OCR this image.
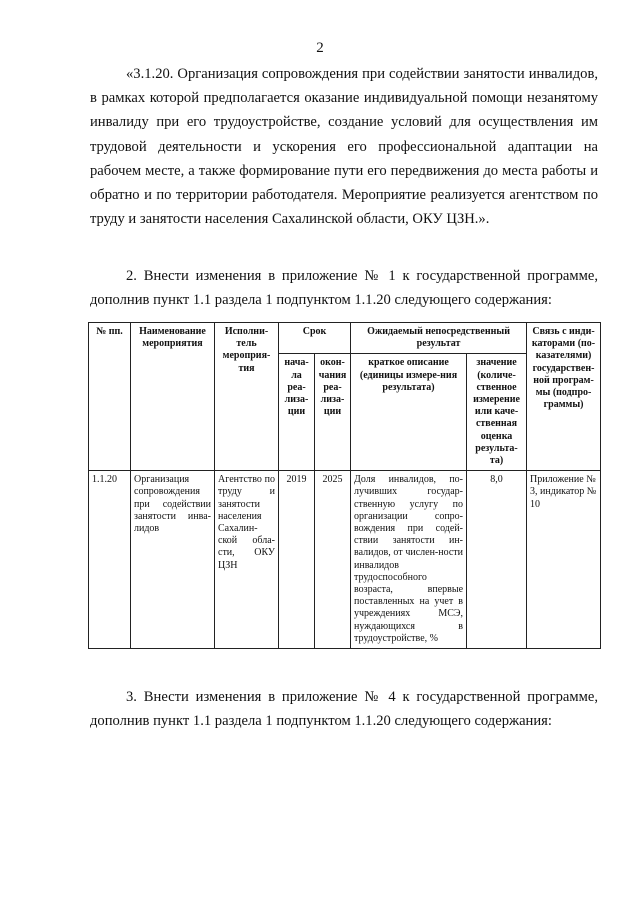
2

«3.1.20. Организация сопровождения при содействии занятости инвалидов, в рамках которой предполагается оказание индивидуальной помощи незанятому инвалиду при его трудоустройстве, создание условий для осуществления им трудовой деятельности и ускорения его профессиональной адаптации на рабочем месте, а также формирование пути его передвижения до места работы и обратно и по территории работодателя. Мероприятие реализуется агентством по труду и занятости населения Сахалинской области, ОКУ ЦЗН.».

2. Внести изменения в приложение № 1 к государственной программе, дополнив пункт 1.1 раздела 1 подпунктом 1.1.20 следующего содержания:

№ пп.	Наименование мероприятия	Исполни-тель мероприя-тия	Срок		Ожидаемый непосредственный результат		Связь с инди-каторами (по-казателями) государствен-ной програм-мы (подпро-граммы)
			нача-ла реа-лиза-ции	окон-чания реа-лиза-ции	краткое описание (единицы измере-ния результата)	значение (количе-ственное измерение или каче-ственная оценка результа-та)	
1.1.20	Организация сопровождения при содействии занятости инва-лидов	Агентство по труду и занятости населения Сахалин-ской обла-сти, ОКУ ЦЗН	2019	2025	Доля инвалидов, по-лучивших государ-ственную услугу по организации сопро-вождения при содей-ствии занятости ин-валидов, от числен-ности инвалидов трудоспособного возраста, впервые поставленных на учет в учреждениях МСЭ, нуждающихся в трудоустройстве, %	8,0	Приложение № 3, индикатор № 10

3. Внести изменения в приложение № 4 к государственной программе, дополнив пункт 1.1 раздела 1 подпунктом 1.1.20 следующего содержания:
